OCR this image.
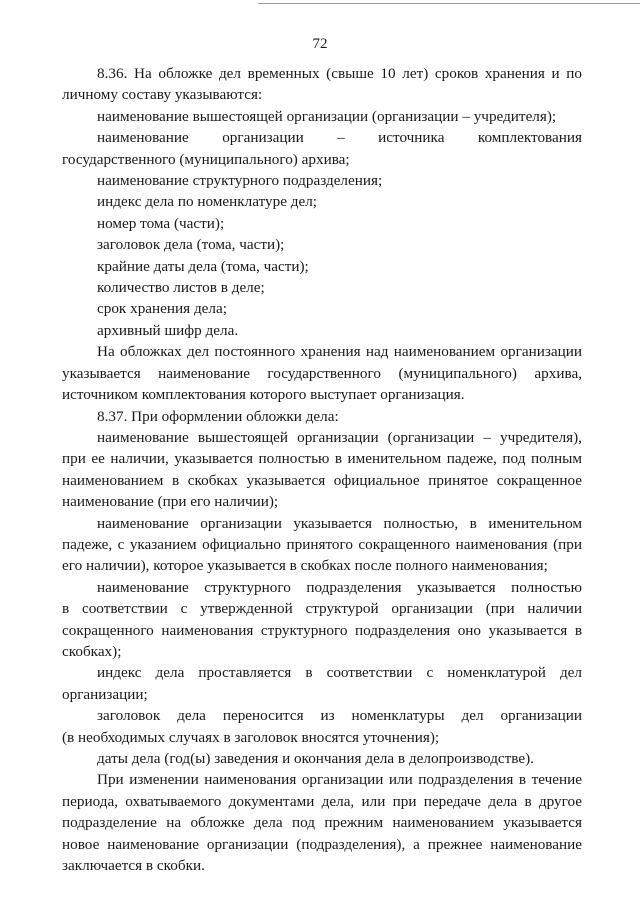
72

8.36. На обложке дел временных (свыше 10 лет) сроков хранения и по

личному составу указываются:

наименование вышестоящей организации (организации – учредителя);

наименование организации – источника комплектования

государственного (муниципального) архива;

наименование структурного подразделения;

индекс дела по номенклатуре дел;

номер тома (части);

заголовок дела (тома, части);

крайние даты дела (тома, части);

количество листов в деле;

срок хранения дела;

архивный шифр дела.

На обложках дел постоянного хранения над наименованием организации

указывается наименование государственного (муниципального) архива,

источником комплектования которого выступает организация.

8.37. При оформлении обложки дела:

наименование вышестоящей организации (организации – учредителя),

при ее наличии, указывается полностью в именительном падеже, под полным

наименованием в скобках указывается официальное принятое сокращенное

наименование (при его наличии);

наименование организации указывается полностью, в именительном

падеже, с указанием официально принятого сокращенного наименования (при

его наличии), которое указывается в скобках после полного наименования;

наименование структурного подразделения указывается полностью

в соответствии с утвержденной структурой организации (при наличии

сокращенного наименования структурного подразделения оно указывается в

скобках);

индекс дела проставляется в соответствии с номенклатурой дел

организации;

заголовок дела переносится из номенклатуры дел организации

(в необходимых случаях в заголовок вносятся уточнения);

даты дела (год(ы) заведения и окончания дела в делопроизводстве).

При изменении наименования организации или подразделения в течение

периода, охватываемого документами дела, или при передаче дела в другое

подразделение на обложке дела под прежним наименованием указывается

новое наименование организации (подразделения), а прежнее наименование

заключается в скобки.
